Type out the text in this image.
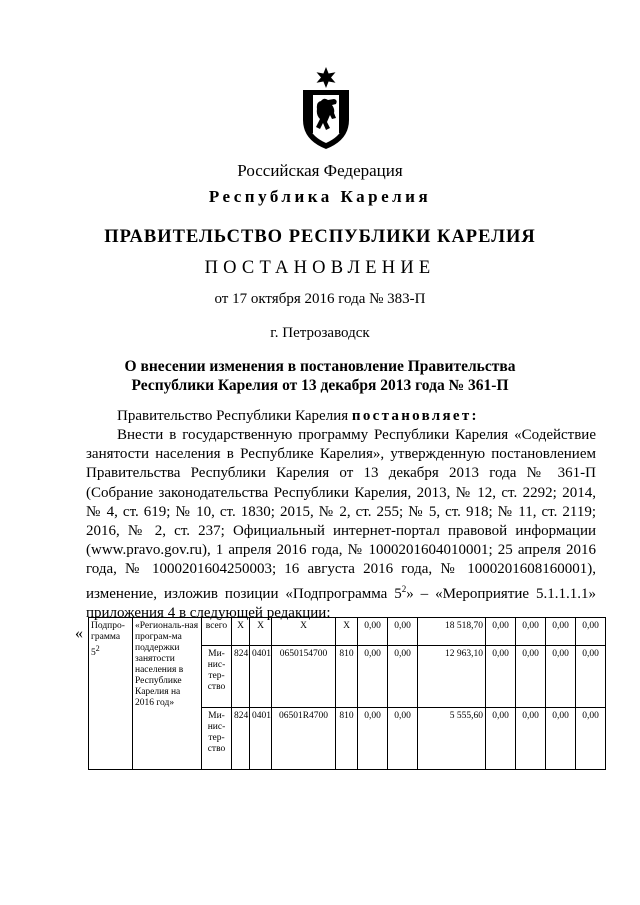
Российская Федерация
Республика Карелия
ПРАВИТЕЛЬСТВО РЕСПУБЛИКИ КАРЕЛИЯ
ПОСТАНОВЛЕНИЕ
от 17 октября 2016 года № 383-П
г. Петрозаводск
О внесении изменения в постановление Правительства
Республики Карелия от 13 декабря 2013 года № 361-П
Правительство Республики Карелия постановляет:
Внести в государственную программу Республики Карелия «Содействие занятости населения в Республике Карелия», утвержденную постановлением Правительства Республики Карелия от 13 декабря 2013 года № 361-П (Собрание законодательства Республики Карелия, 2013, № 12, ст. 2292; 2014, № 4, ст. 619; № 10, ст. 1830; 2015, № 2, ст. 255; № 5, ст. 918; № 11, ст. 2119; 2016, № 2, ст. 237; Официальный интернет-портал правовой информации (www.pravo.gov.ru), 1 апреля 2016 года, № 1000201604010001; 25 апреля 2016 года, № 1000201604250003; 16 августа 2016 года, № 1000201608160001), изменение, изложив позиции «Подпрограмма $5^2$» – «Мероприятие 5.1.1.1.1» приложения 4 в следующей редакции:
« Подпро-грамма $5^2$	«Региональ-ная програм-ма поддержки занятости населения в Республике Карелия на 2016 год»	всего	X	X	X	X	0,00	0,00	18 518,70	0,00	0,00	0,00	0,00
		Ми-нис-тер-ство	824	0401	0650154700	810	0,00	0,00	12 963,10	0,00	0,00	0,00	0,00
		Ми-нис-тер-ство	824	0401	06501R4700	810	0,00	0,00	5 555,60	0,00	0,00	0,00	0,00
